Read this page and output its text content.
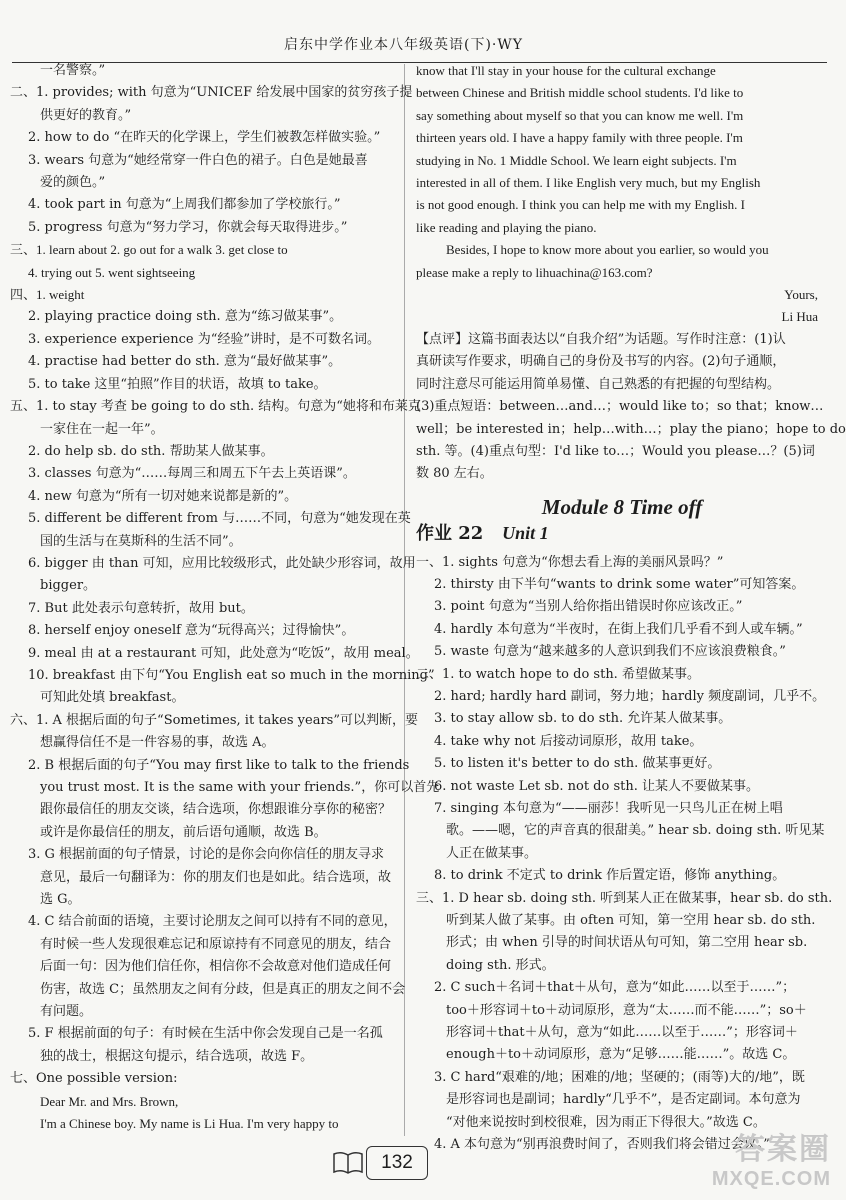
启东中学作业本八年级英语(下)·WY
一名警察。”
二、1. provides; with 句意为“UNICEF 给发展中国家的贫穷孩子提
供更好的教育。”
2. how to do “在昨天的化学课上，学生们被教怎样做实验。”
3. wears 句意为“她经常穿一件白色的裙子。白色是她最喜
爱的颜色。”
4. took part in 句意为“上周我们都参加了学校旅行。”
5. progress 句意为“努力学习，你就会每天取得进步。”
三、1. learn about 2. go out for a walk 3. get close to
4. trying out 5. went sightseeing
四、1. weight
2. playing practice doing sth. 意为“练习做某事”。
3. experience experience 为“经验”讲时，是不可数名词。
4. practise had better do sth. 意为“最好做某事”。
5. to take 这里“拍照”作目的状语，故填 to take。
五、1. to stay 考查 be going to do sth. 结构。句意为“她将和布莱克
一家住在一起一年”。
2. do help sb. do sth. 帮助某人做某事。
3. classes 句意为“……每周三和周五下午去上英语课”。
4. new 句意为“所有一切对她来说都是新的”。
5. different be different from 与……不同，句意为“她发现在英
国的生活与在莫斯科的生活不同”。
6. bigger 由 than 可知，应用比较级形式，此处缺少形容词，故用
bigger。
7. But 此处表示句意转折，故用 but。
8. herself enjoy oneself 意为“玩得高兴；过得愉快”。
9. meal 由 at a restaurant 可知，此处意为“吃饭”，故用 meal。
10. breakfast 由下句“You English eat so much in the morning”
可知此处填 breakfast。
六、1. A 根据后面的句子“Sometimes, it takes years”可以判断，要
想赢得信任不是一件容易的事，故选 A。
2. B 根据后面的句子“You may first like to talk to the friends
you trust most. It is the same with your friends.”，你可以首先
跟你最信任的朋友交谈，结合选项，你想跟谁分享你的秘密？
或许是你最信任的朋友，前后语句通顺，故选 B。
3. G 根据前面的句子情景，讨论的是你会向你信任的朋友寻求
意见，最后一句翻译为：你的朋友们也是如此。结合选项，故
选 G。
4. C 结合前面的语境，主要讨论朋友之间可以持有不同的意见，
有时候一些人发现很难忘记和原谅持有不同意见的朋友，结合
后面一句：因为他们信任你，相信你不会故意对他们造成任何
伤害，故选 C；虽然朋友之间有分歧，但是真正的朋友之间不会
有问题。
5. F 根据前面的句子：有时候在生活中你会发现自己是一名孤
独的战士，根据这句提示，结合选项，故选 F。
七、One possible version:
Dear Mr. and Mrs. Brown,
I'm a Chinese boy. My name is Li Hua. I'm very happy to
know that I'll stay in your house for the cultural exchange
between Chinese and British middle school students. I'd like to
say something about myself so that you can know me well. I'm
thirteen years old. I have a happy family with three people. I'm
studying in No. 1 Middle School. We learn eight subjects. I'm
interested in all of them. I like English very much, but my English
is not good enough. I think you can help me with my English. I
like reading and playing the piano.
Besides, I hope to know more about you earlier, so would you
please make a reply to lihuachina@163.com?
Yours,
Li Hua
【点评】这篇书面表达以“自我介绍”为话题。写作时注意：(1)认
真研读写作要求，明确自己的身份及书写的内容。(2)句子通顺，
同时注意尽可能运用简单易懂、自己熟悉的有把握的句型结构。
(3)重点短语：between…and…；would like to；so that；know…
well；be interested in；help…with…；play the piano；hope to do
sth. 等。(4)重点句型：I'd like to…；Would you please…？(5)词
数 80 左右。
Module 8 Time off
作业 22 Unit 1
一、1. sights 句意为“你想去看上海的美丽风景吗？”
2. thirsty 由下半句“wants to drink some water”可知答案。
3. point 句意为“当别人给你指出错误时你应该改正。”
4. hardly 本句意为“半夜时，在街上我们几乎看不到人或车辆。”
5. waste 句意为“越来越多的人意识到我们不应该浪费粮食。”
二、1. to watch hope to do sth. 希望做某事。
2. hard; hardly hard 副词，努力地；hardly 频度副词，几乎不。
3. to stay allow sb. to do sth. 允许某人做某事。
4. take why not 后接动词原形，故用 take。
5. to listen it's better to do sth. 做某事更好。
6. not waste Let sb. not do sth. 让某人不要做某事。
7. singing 本句意为“——丽莎！我听见一只鸟儿正在树上唱
歌。——嗯，它的声音真的很甜美。” hear sb. doing sth. 听见某
人正在做某事。
8. to drink 不定式 to drink 作后置定语，修饰 anything。
三、1. D hear sb. doing sth. 听到某人正在做某事，hear sb. do sth.
听到某人做了某事。由 often 可知，第一空用 hear sb. do sth.
形式；由 when 引导的时间状语从句可知，第二空用 hear sb.
doing sth. 形式。
2. C such＋名词＋that＋从句，意为“如此……以至于……”；
too＋形容词＋to＋动词原形，意为“太……而不能……”；so＋
形容词＋that＋从句，意为“如此……以至于……”；形容词＋
enough＋to＋动词原形，意为“足够……能……”。故选 C。
3. C hard“艰难的/地；困难的/地；坚硬的；(雨等)大的/地”，既
是形容词也是副词；hardly“几乎不”，是否定副词。本句意为
“对他来说按时到校很难，因为雨正下得很大。”故选 C。
4. A 本句意为“别再浪费时间了，否则我们将会错过会议。”
132	答案圈
MXQE.COM
